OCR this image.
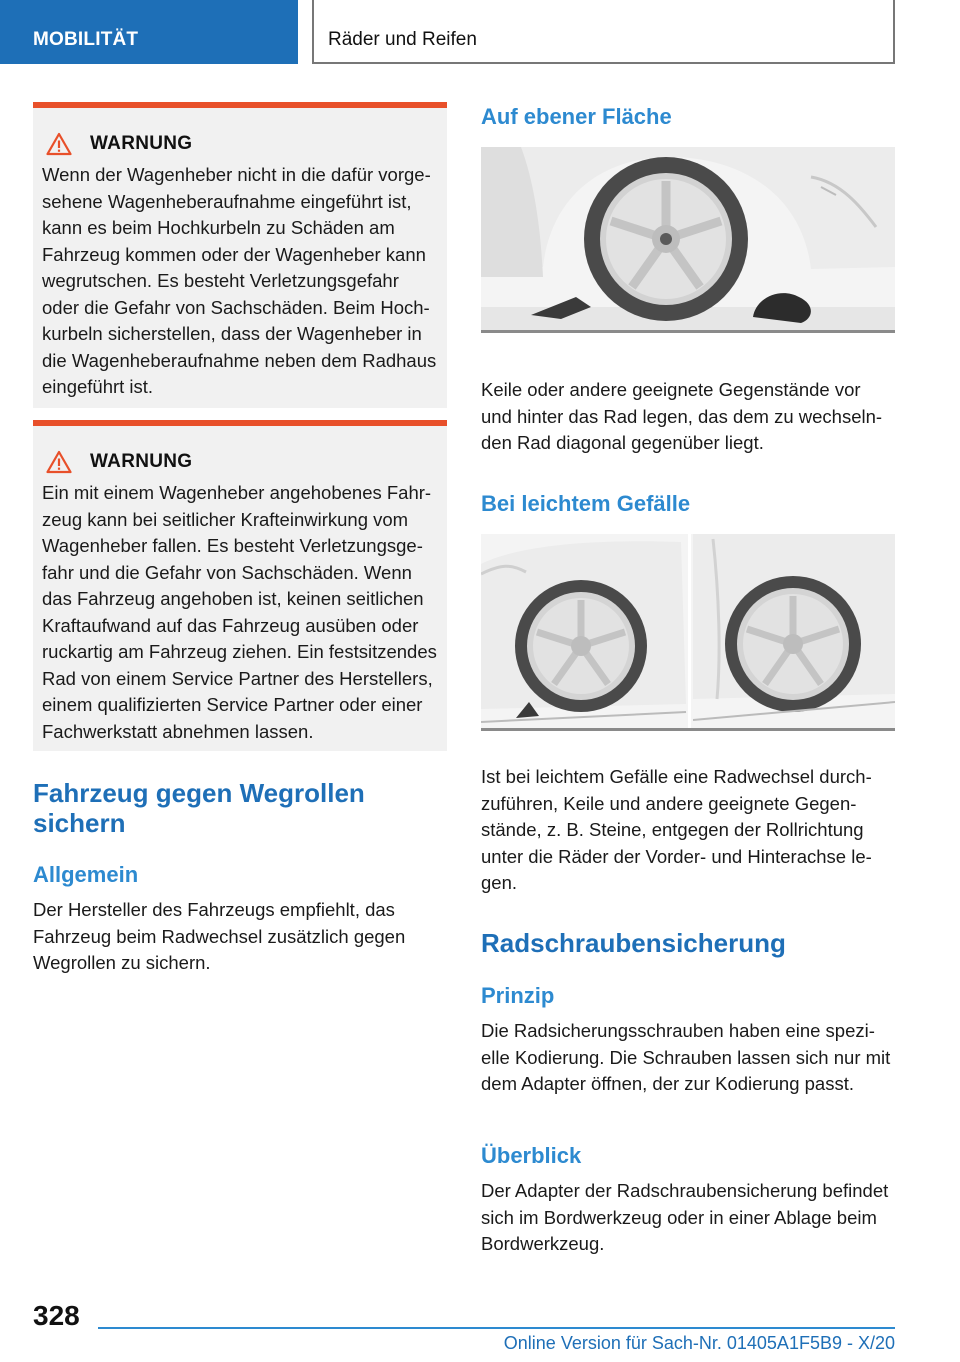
MOBILITÄT	Räder und Reifen
WARNUNG
Wenn der Wagenheber nicht in die dafür vorgesehene Wagenheberaufnahme eingeführt ist, kann es beim Hochkurbeln zu Schäden am Fahrzeug kommen oder der Wagenheber kann wegrutschen. Es besteht Verletzungsgefahr oder die Gefahr von Sachschäden. Beim Hochkurbeln sicherstellen, dass der Wagenheber in die Wagenheberaufnahme neben dem Radhaus eingeführt ist.
WARNUNG
Ein mit einem Wagenheber angehobenes Fahrzeug kann bei seitlicher Krafteinwirkung vom Wagenheber fallen. Es besteht Verletzungsgefahr und die Gefahr von Sachschäden. Wenn das Fahrzeug angehoben ist, keinen seitlichen Kraftaufwand auf das Fahrzeug ausüben oder ruckartig am Fahrzeug ziehen. Ein festsitzendes Rad von einem Service Partner des Herstellers, einem qualifizierten Service Partner oder einer Fachwerkstatt abnehmen lassen.
Fahrzeug gegen Wegrollen sichern
Allgemein
Der Hersteller des Fahrzeugs empfiehlt, das Fahrzeug beim Radwechsel zusätzlich gegen Wegrollen zu sichern.
Auf ebener Fläche
Keile oder andere geeignete Gegenstände vor und hinter das Rad legen, das dem zu wechselnden Rad diagonal gegenüber liegt.
Bei leichtem Gefälle
Ist bei leichtem Gefälle eine Radwechsel durchzuführen, Keile und andere geeignete Gegenstände, z. B. Steine, entgegen der Rollrichtung unter die Räder der Vorder- und Hinterachse legen.
Radschraubensicherung
Prinzip
Die Radsicherungsschrauben haben eine spezielle Kodierung. Die Schrauben lassen sich nur mit dem Adapter öffnen, der zur Kodierung passt.
Überblick
Der Adapter der Radschraubensicherung befindet sich im Bordwerkzeug oder in einer Ablage beim Bordwerkzeug.
328
Online Version für Sach-Nr. 01405A1F5B9 - X/20
